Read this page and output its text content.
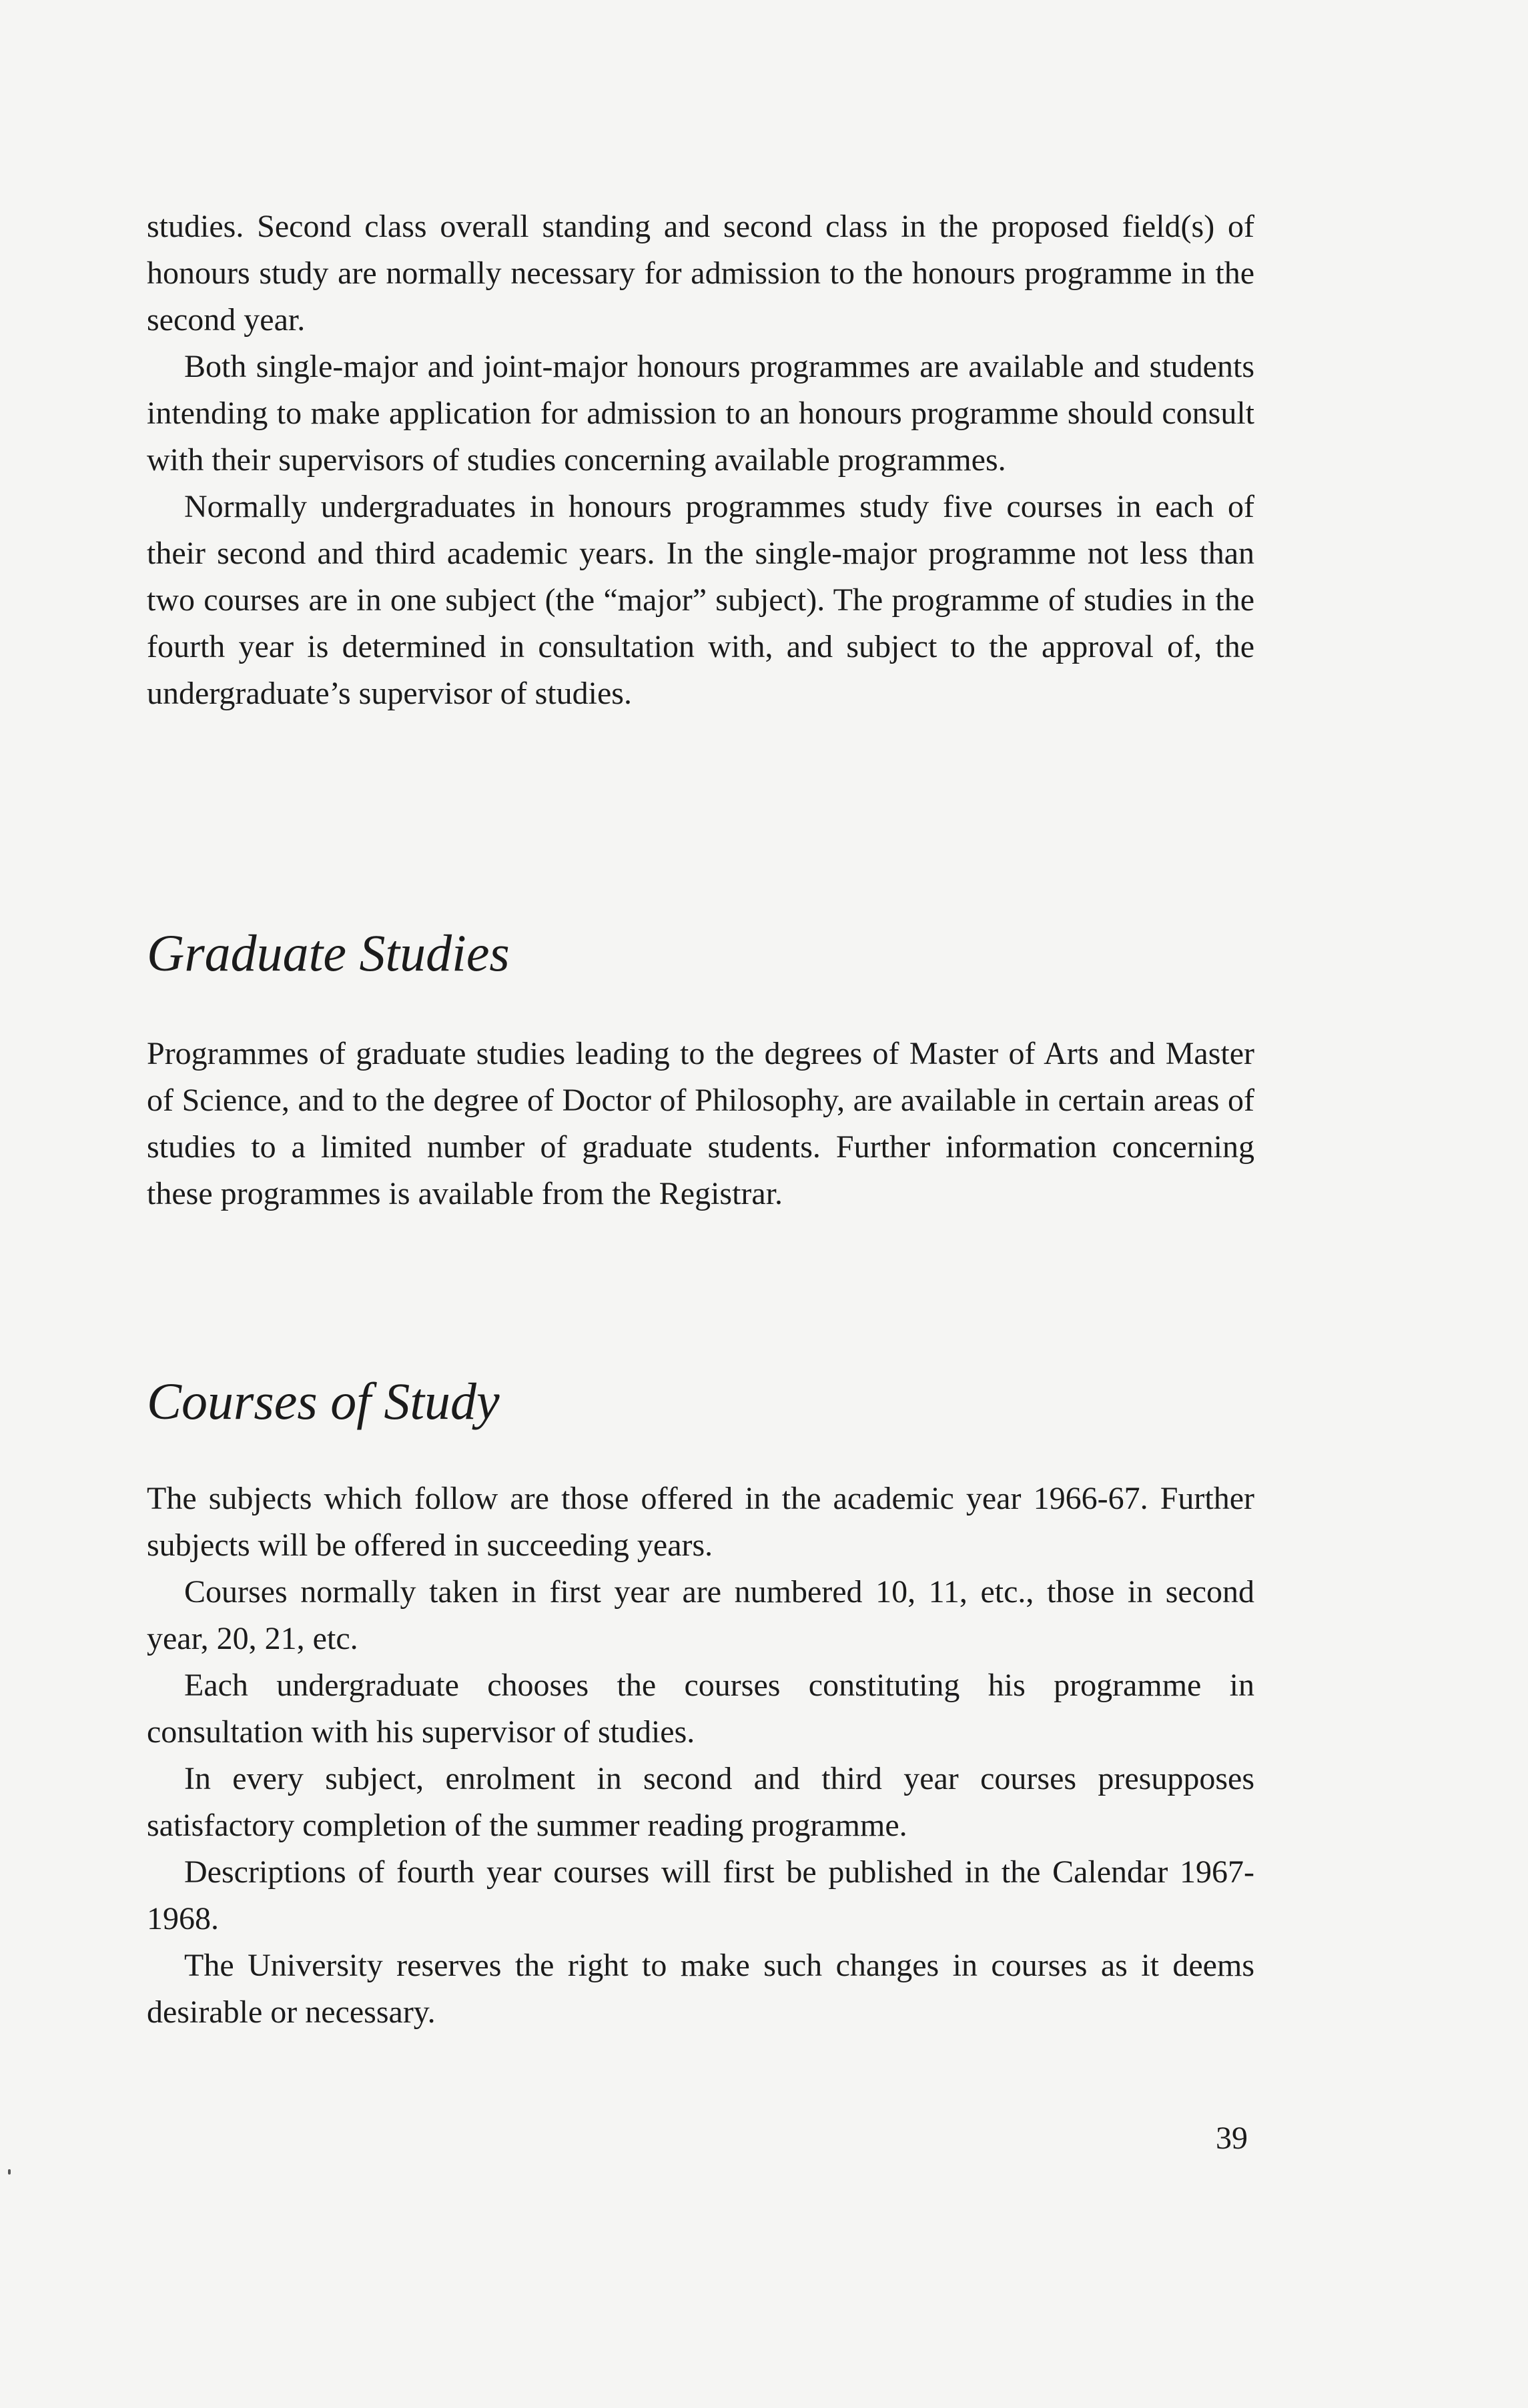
studies. Second class overall standing and second class in the proposed field(s) of honours study are normally necessary for admission to the honours programme in the second year.

Both single-major and joint-major honours programmes are available and students intending to make application for admission to an honours programme should consult with their supervisors of studies concerning available programmes.

Normally undergraduates in honours programmes study five courses in each of their second and third academic years. In the single-major programme not less than two courses are in one subject (the “major” subject). The programme of studies in the fourth year is determined in consultation with, and subject to the approval of, the undergraduate’s supervisor of studies.

Graduate Studies

Programmes of graduate studies leading to the degrees of Master of Arts and Master of Science, and to the degree of Doctor of Philosophy, are available in certain areas of studies to a limited number of graduate students. Further information concerning these programmes is available from the Registrar.

Courses of Study

The subjects which follow are those offered in the academic year 1966-67. Further subjects will be offered in succeeding years.

Courses normally taken in first year are numbered 10, 11, etc., those in second year, 20, 21, etc.

Each undergraduate chooses the courses constituting his programme in consultation with his supervisor of studies.

In every subject, enrolment in second and third year courses presupposes satisfactory completion of the summer reading programme.

Descriptions of fourth year courses will first be published in the Calendar 1967-1968.

The University reserves the right to make such changes in courses as it deems desirable or necessary.

39
